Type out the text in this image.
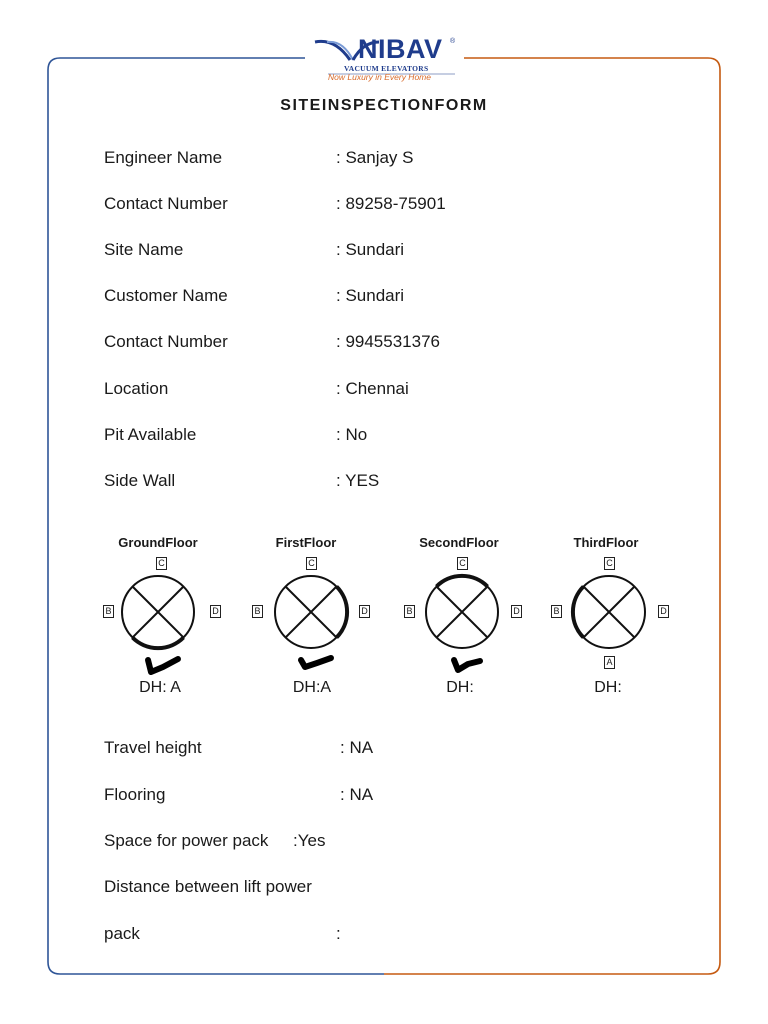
NIBAV ®
VACUUM ELEVATORS
Now Luxury in Every Home
SITEINSPECTIONFORM
Engineer Name	: Sanjay S
Contact Number	: 89258-75901
Site Name	: Sundari
Customer Name	: Sundari
Contact Number	: 9945531376
Location	: Chennai
Pit Available	: No
Side Wall	: YES
GroundFloor
C
B	D
DH: A
FirstFloor
C
B	D
DH:A
SecondFloor
C
B	D
DH:
ThirdFloor
C
B	D
A
DH:
Travel height	: NA
Flooring	: NA
Space for power pack :Yes
Distance between lift power
pack	:
